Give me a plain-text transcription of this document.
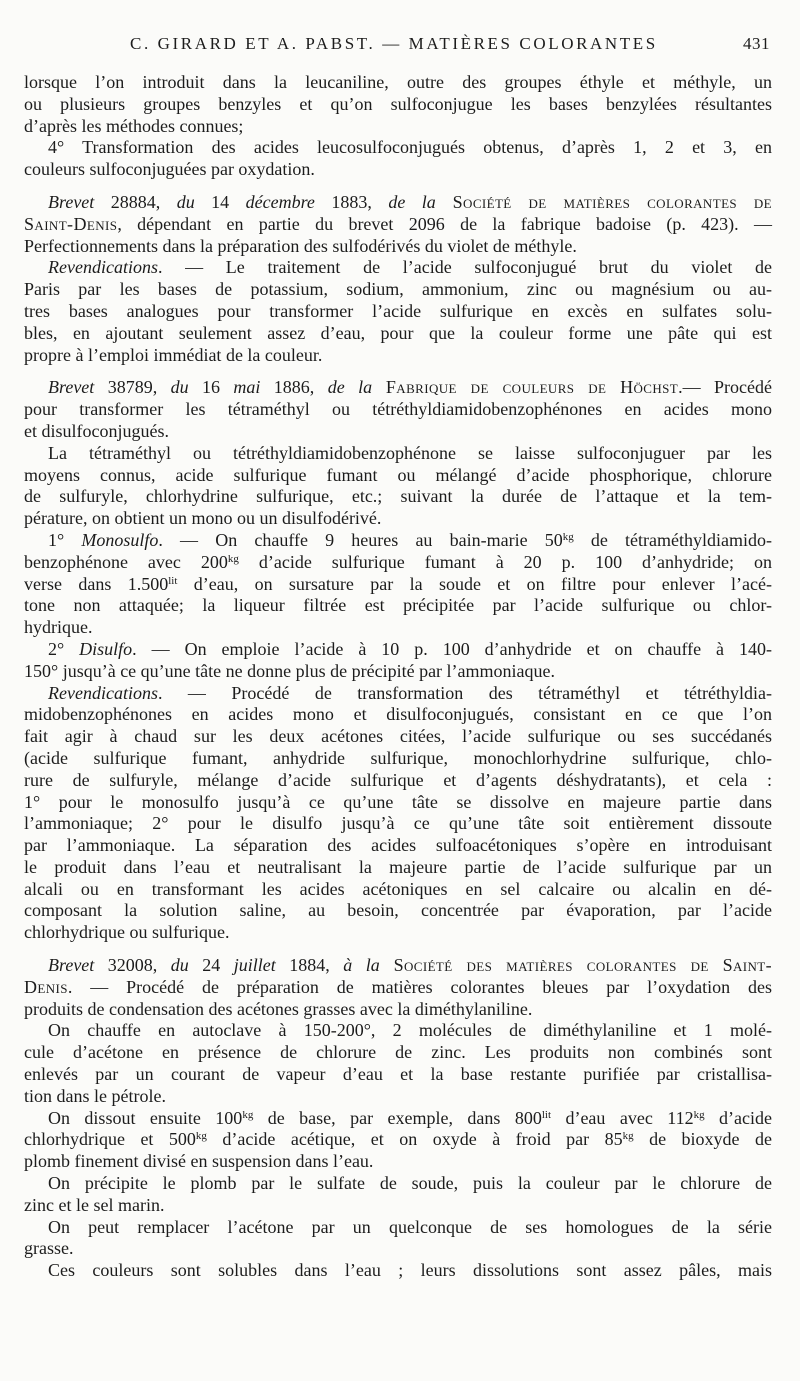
C. GIRARD ET A. PABST. — MATIÈRES COLORANTES	431
lorsque l’on introduit dans la leucaniline, outre des groupes éthyle et méthyle, un
ou plusieurs groupes benzyles et qu’on sulfoconjugue les bases benzylées résultantes
d’après les méthodes connues;
4° Transformation des acides leucosulfoconjugués obtenus, d’après 1, 2 et 3, en
couleurs sulfoconjuguées par oxydation.
Brevet 28884, du 14 décembre 1883, de la Société de matières colorantes de
Saint-Denis, dépendant en partie du brevet 2096 de la fabrique badoise (p. 423). —
Perfectionnements dans la préparation des sulfodérivés du violet de méthyle.
Revendications. — Le traitement de l’acide sulfoconjugué brut du violet de
Paris par les bases de potassium, sodium, ammonium, zinc ou magnésium ou au-
tres bases analogues pour transformer l’acide sulfurique en excès en sulfates solu-
bles, en ajoutant seulement assez d’eau, pour que la couleur forme une pâte qui est
propre à l’emploi immédiat de la couleur.
Brevet 38789, du 16 mai 1886, de la Fabrique de couleurs de Höchst.— Procédé
pour transformer les tétraméthyl ou tétréthyldiamidobenzophénones en acides mono
et disulfoconjugués.
La tétraméthyl ou tétréthyldiamidobenzophénone se laisse sulfoconjuguer par les
moyens connus, acide sulfurique fumant ou mélangé d’acide phosphorique, chlorure
de sulfuryle, chlorhydrine sulfurique, etc.; suivant la durée de l’attaque et la tem-
pérature, on obtient un mono ou un disulfodérivé.
1° Monosulfo. — On chauffe 9 heures au bain-marie $50^{kg}$ de tétraméthyldiamido-
benzophénone avec $200^{kg}$ d’acide sulfurique fumant à 20 p. 100 d’anhydride; on
verse dans $1.500^{lit}$ d’eau, on sursature par la soude et on filtre pour enlever l’acé-
tone non attaquée; la liqueur filtrée est précipitée par l’acide sulfurique ou chlor-
hydrique.
2° Disulfo. — On emploie l’acide à 10 p. 100 d’anhydride et on chauffe à 140-
150° jusqu’à ce qu’une tâte ne donne plus de précipité par l’ammoniaque.
Revendications. — Procédé de transformation des tétraméthyl et tétréthyldia-
midobenzophénones en acides mono et disulfoconjugués, consistant en ce que l’on
fait agir à chaud sur les deux acétones citées, l’acide sulfurique ou ses succédanés
(acide sulfurique fumant, anhydride sulfurique, monochlorhydrine sulfurique, chlo-
rure de sulfuryle, mélange d’acide sulfurique et d’agents déshydratants), et cela :
1° pour le monosulfo jusqu’à ce qu’une tâte se dissolve en majeure partie dans
l’ammoniaque; 2° pour le disulfo jusqu’à ce qu’une tâte soit entièrement dissoute
par l’ammoniaque. La séparation des acides sulfoacétoniques s’opère en introduisant
le produit dans l’eau et neutralisant la majeure partie de l’acide sulfurique par un
alcali ou en transformant les acides acétoniques en sel calcaire ou alcalin en dé-
composant la solution saline, au besoin, concentrée par évaporation, par l’acide
chlorhydrique ou sulfurique.
Brevet 32008, du 24 juillet 1884, à la Société des matières colorantes de Saint-
Denis. — Procédé de préparation de matières colorantes bleues par l’oxydation des
produits de condensation des acétones grasses avec la diméthylaniline.
On chauffe en autoclave à 150-200°, 2 molécules de diméthylaniline et 1 molé-
cule d’acétone en présence de chlorure de zinc. Les produits non combinés sont
enlevés par un courant de vapeur d’eau et la base restante purifiée par cristallisa-
tion dans le pétrole.
On dissout ensuite $100^{kg}$ de base, par exemple, dans $800^{lit}$ d’eau avec $112^{kg}$ d’acide
chlorhydrique et $500^{kg}$ d’acide acétique, et on oxyde à froid par $85^{kg}$ de bioxyde de
plomb finement divisé en suspension dans l’eau.
On précipite le plomb par le sulfate de soude, puis la couleur par le chlorure de
zinc et le sel marin.
On peut remplacer l’acétone par un quelconque de ses homologues de la série
grasse.
Ces couleurs sont solubles dans l’eau ; leurs dissolutions sont assez pâles, mais
